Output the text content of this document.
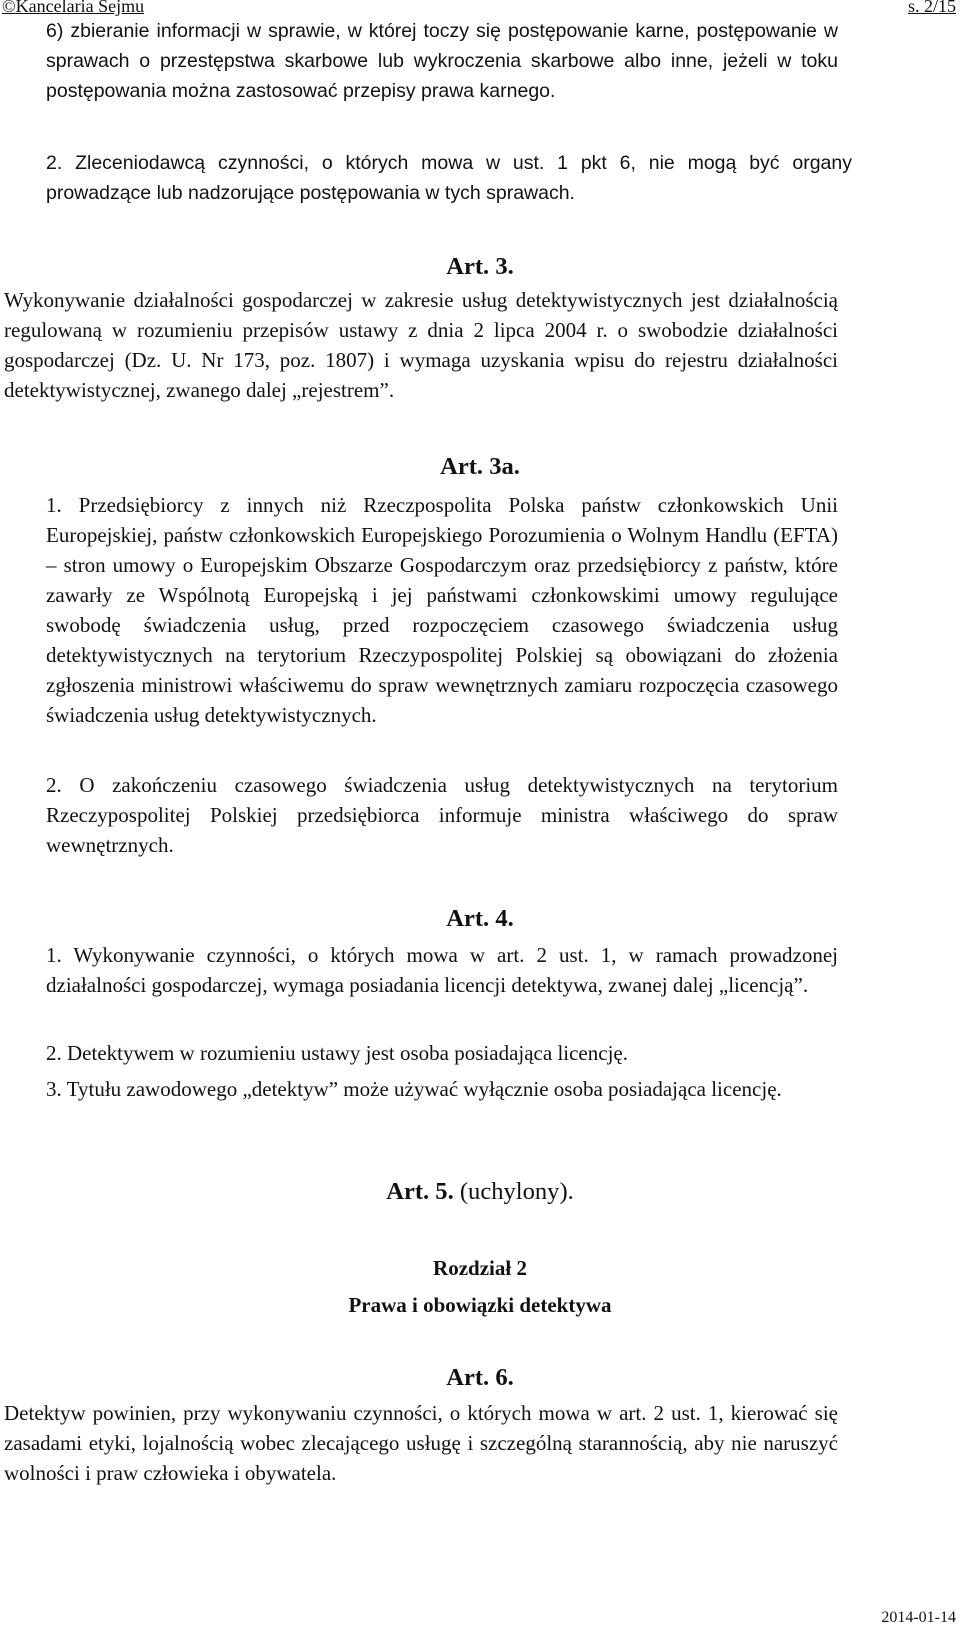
©Kancelaria Sejmu	s. 2/15

6) zbieranie informacji w sprawie, w której toczy się postępowanie karne, postępowanie w sprawach o przestępstwa skarbowe lub wykroczenia skarbowe albo inne, jeżeli w toku postępowania można zastosować przepisy prawa karnego.

2. Zleceniodawcą czynności, o których mowa w ust. 1 pkt 6, nie mogą być organy prowadzące lub nadzorujące postępowania w tych sprawach.

Art. 3.

Wykonywanie działalności gospodarczej w zakresie usług detektywistycznych jest działalnością regulowaną w rozumieniu przepisów ustawy z dnia 2 lipca 2004 r. o swobodzie działalności gospodarczej (Dz. U. Nr 173, poz. 1807) i wymaga uzyskania wpisu do rejestru działalności detektywistycznej, zwanego dalej „rejestrem”.

Art. 3a.

1. Przedsiębiorcy z innych niż Rzeczpospolita Polska państw członkowskich Unii Europejskiej, państw członkowskich Europejskiego Porozumienia o Wolnym Handlu (EFTA) – stron umowy o Europejskim Obszarze Gospodarczym oraz przedsiębiorcy z państw, które zawarły ze Wspólnotą Europejską i jej państwami członkowskimi umowy regulujące swobodę świadczenia usług, przed rozpoczęciem czasowego świadczenia usług detektywistycznych na terytorium Rzeczypospolitej Polskiej są obowiązani do złożenia zgłoszenia ministrowi właściwemu do spraw wewnętrznych zamiaru rozpoczęcia czasowego świadczenia usług detektywistycznych.

2. O zakończeniu czasowego świadczenia usług detektywistycznych na terytorium Rzeczypospolitej Polskiej przedsiębiorca informuje ministra właściwego do spraw wewnętrznych.

Art. 4.

1. Wykonywanie czynności, o których mowa w art. 2 ust. 1, w ramach prowadzonej działalności gospodarczej, wymaga posiadania licencji detektywa, zwanej dalej „licencją”.

2. Detektywem w rozumieniu ustawy jest osoba posiadająca licencję.

3. Tytułu zawodowego „detektyw” może używać wyłącznie osoba posiadająca licencję.

Art. 5. (uchylony).
Rozdział 2
Prawa i obowiązki detektywa
Art. 6.

Detektyw powinien, przy wykonywaniu czynności, o których mowa w art. 2 ust. 1, kierować się zasadami etyki, lojalnością wobec zlecającego usługę i szczególną starannością, aby nie naruszyć wolności i praw człowieka i obywatela.

2014-01-14
